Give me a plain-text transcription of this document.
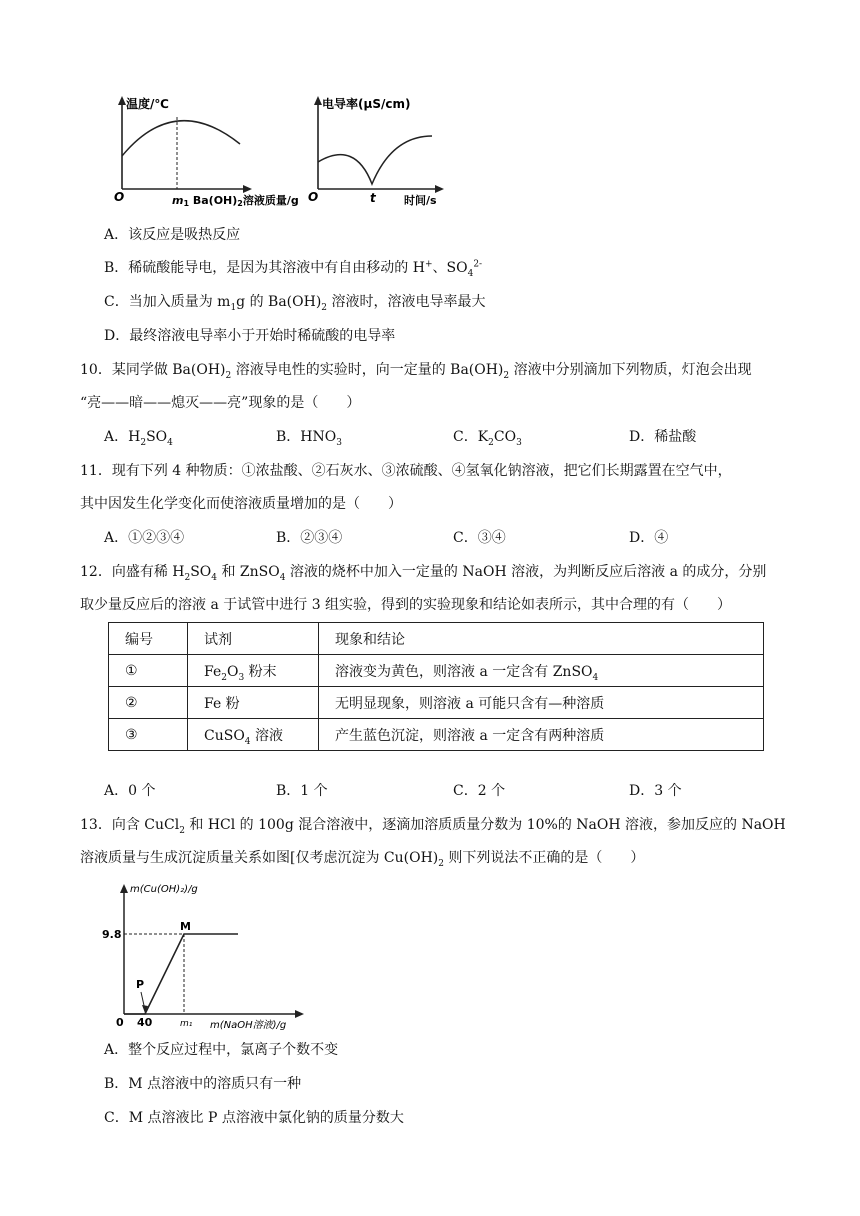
温度/℃
O	m1 Ba(OH)2溶液质量/g
电导率(μS/cm)
O	t	时间/s
A．该反应是吸热反应
B．稀硫酸能导电，是因为其溶液中有自由移动的 H+、$SO_4^{2-}$
C．当加入质量为 $m_1g$ 的 $Ba(OH)_2$ 溶液时，溶液电导率最大
D．最终溶液电导率小于开始时稀硫酸的电导率
10．某同学做 $Ba(OH)_2$ 溶液导电性的实验时，向一定量的 $Ba(OH)_2$ 溶液中分别滴加下列物质，灯泡会出现
“亮——暗——熄灭——亮”现象的是（　　）
A．$H_2SO_4$	B．$HNO_3$	C．$K_2CO_3$	D．稀盐酸
11．现有下列 4 种物质：①浓盐酸、②石灰水、③浓硫酸、④氢氧化钠溶液，把它们长期露置在空气中，
其中因发生化学变化而使溶液质量增加的是（　　）
A．①②③④	B．②③④	C．③④	D．④
12．向盛有稀 $H_2SO_4$ 和 ZnSO$_4$ 溶液的烧杯中加入一定量的 NaOH 溶液，为判断反应后溶液 a 的成分，分别
取少量反应后的溶液 a 于试管中进行 3 组实验，得到的实验现象和结论如表所示，其中合理的有（　　）
编号	试剂	现象和结论
①	$Fe_2O_3$ 粉末	溶液变为黄色，则溶液 a 一定含有 ZnSO$_4$
②	Fe 粉	无明显现象，则溶液 a 可能只含有—种溶质
③	CuSO$_4$ 溶液	产生蓝色沉淀，则溶液 a 一定含有两种溶质
A．0 个	B．1 个	C．2 个	D．3 个
13．向含 CuCl$_2$ 和 HCl 的 100g 混合溶液中，逐滴加溶质质量分数为 10%的 NaOH 溶液，参加反应的 NaOH
溶液质量与生成沉淀质量关系如图[仅考虑沉淀为 $Cu(OH)_2$ 则下列说法不正确的是（　　）
m(Cu(OH)₂)/g
9.8
0 40	m₁
P
M
m(NaOH溶液)/g
A．整个反应过程中，氯离子个数不变
B．M 点溶液中的溶质只有一种
C．M 点溶液比 P 点溶液中氯化钠的质量分数大
